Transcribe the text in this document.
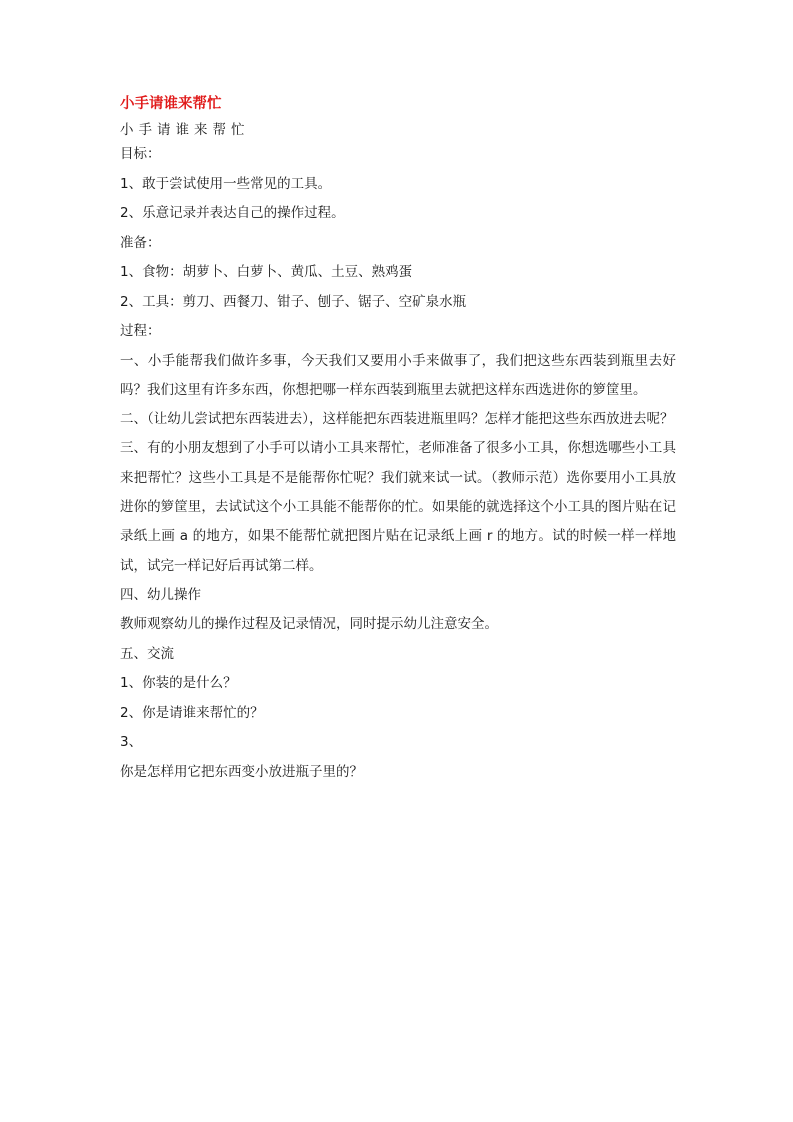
小手请谁来帮忙

小手请谁来帮忙

目标：

1、敢于尝试使用一些常见的工具。

2、乐意记录并表达自己的操作过程。

准备：

1、食物：胡萝卜、白萝卜、黄瓜、土豆、熟鸡蛋

2、工具：剪刀、西餐刀、钳子、刨子、锯子、空矿泉水瓶

过程：

一、小手能帮我们做许多事，今天我们又要用小手来做事了，我们把这些东西装到瓶里去好吗？我们这里有许多东西，你想把哪一样东西装到瓶里去就把这样东西选进你的箩筐里。

二、（让幼儿尝试把东西装进去），这样能把东西装进瓶里吗？怎样才能把这些东西放进去呢？

三、有的小朋友想到了小手可以请小工具来帮忙，老师准备了很多小工具，你想选哪些小工具来把帮忙？这些小工具是不是能帮你忙呢？我们就来试一试。（教师示范）选你要用小工具放进你的箩筐里，去试试这个小工具能不能帮你的忙。如果能的就选择这个小工具的图片贴在记录纸上画 a 的地方，如果不能帮忙就把图片贴在记录纸上画 r 的地方。试的时候一样一样地试，试完一样记好后再试第二样。

四、幼儿操作

教师观察幼儿的操作过程及记录情况，同时提示幼儿注意安全。

五、交流

1、你装的是什么？

2、你是请谁来帮忙的？

3、

你是怎样用它把东西变小放进瓶子里的？
